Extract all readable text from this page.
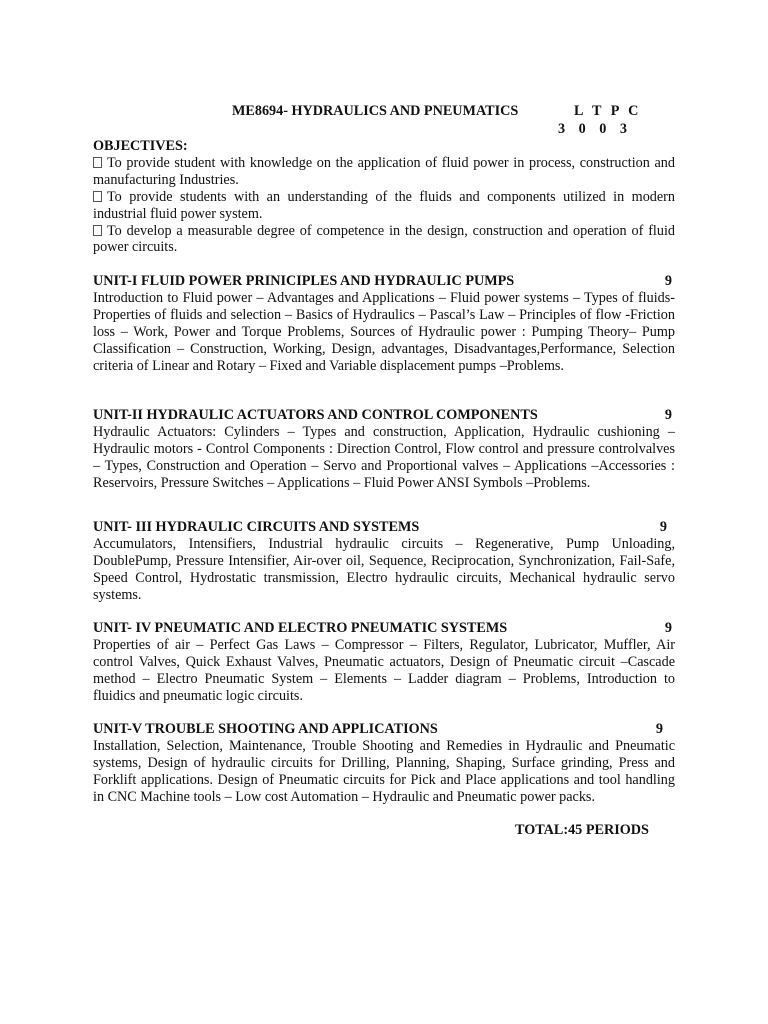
ME8694- HYDRAULICS AND PNEUMATICS	L T P C
3 0 0 3
OBJECTIVES:
To provide student with knowledge on the application of fluid power in process, construction and manufacturing Industries.
To provide students with an understanding of the fluids and components utilized in modern industrial fluid power system.
To develop a measurable degree of competence in the design, construction and operation of fluid power circuits.
UNIT-I FLUID POWER PRINICIPLES AND HYDRAULIC PUMPS	9

Introduction to Fluid power – Advantages and Applications – Fluid power systems – Types of fluids- Properties of fluids and selection – Basics of Hydraulics – Pascal’s Law – Principles of flow -Friction loss – Work, Power and Torque Problems, Sources of Hydraulic power : Pumping Theory– Pump Classification – Construction, Working, Design, advantages, Disadvantages,Performance, Selection criteria of Linear and Rotary – Fixed and Variable displacement pumps –Problems.

UNIT-II HYDRAULIC ACTUATORS AND CONTROL COMPONENTS	9

Hydraulic Actuators: Cylinders – Types and construction, Application, Hydraulic cushioning –Hydraulic motors - Control Components : Direction Control, Flow control and pressure controlvalves – Types, Construction and Operation – Servo and Proportional valves – Applications –Accessories : Reservoirs, Pressure Switches – Applications – Fluid Power ANSI Symbols –Problems.

UNIT- III HYDRAULIC CIRCUITS AND SYSTEMS	9

Accumulators, Intensifiers, Industrial hydraulic circuits – Regenerative, Pump Unloading, DoublePump, Pressure Intensifier, Air-over oil, Sequence, Reciprocation, Synchronization, Fail-Safe, Speed Control, Hydrostatic transmission, Electro hydraulic circuits, Mechanical hydraulic servo systems.

UNIT- IV PNEUMATIC AND ELECTRO PNEUMATIC SYSTEMS	9

Properties of air – Perfect Gas Laws – Compressor – Filters, Regulator, Lubricator, Muffler, Air control Valves, Quick Exhaust Valves, Pneumatic actuators, Design of Pneumatic circuit –Cascade method – Electro Pneumatic System – Elements – Ladder diagram – Problems, Introduction to fluidics and pneumatic logic circuits.

UNIT-V TROUBLE SHOOTING AND APPLICATIONS	9

Installation, Selection, Maintenance, Trouble Shooting and Remedies in Hydraulic and Pneumatic systems, Design of hydraulic circuits for Drilling, Planning, Shaping, Surface grinding, Press and Forklift applications. Design of Pneumatic circuits for Pick and Place applications and tool handling in CNC Machine tools – Low cost Automation – Hydraulic and Pneumatic power packs.

TOTAL:45 PERIODS
